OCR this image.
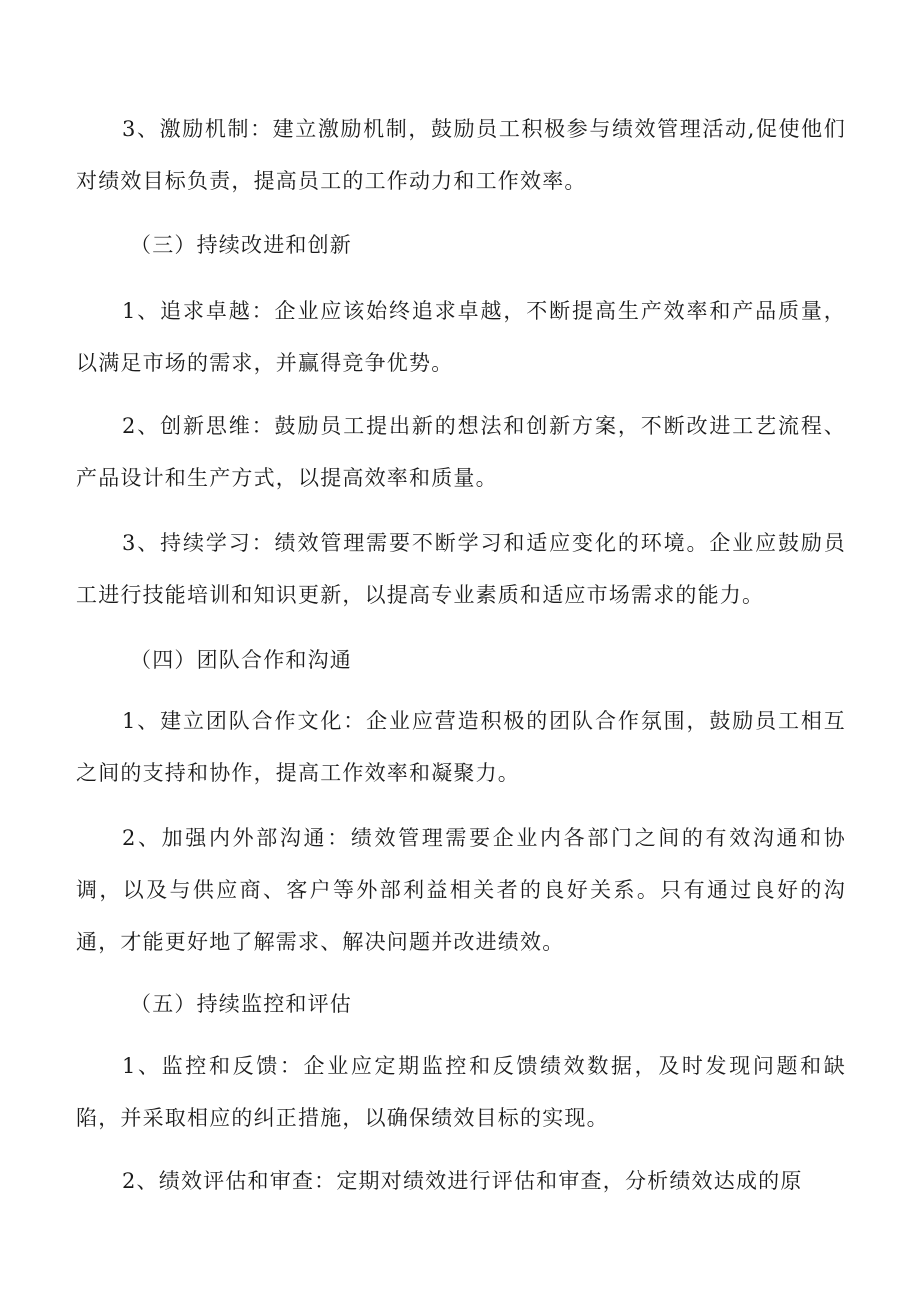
3、激励机制：建立激励机制，鼓励员工积极参与绩效管理活动,促使他们对绩效目标负责，提高员工的工作动力和工作效率。

（三）持续改进和创新

1、追求卓越：企业应该始终追求卓越，不断提高生产效率和产品质量，以满足市场的需求，并赢得竞争优势。

2、创新思维：鼓励员工提出新的想法和创新方案，不断改进工艺流程、产品设计和生产方式，以提高效率和质量。

3、持续学习：绩效管理需要不断学习和适应变化的环境。企业应鼓励员工进行技能培训和知识更新，以提高专业素质和适应市场需求的能力。

（四）团队合作和沟通

1、建立团队合作文化：企业应营造积极的团队合作氛围，鼓励员工相互之间的支持和协作，提高工作效率和凝聚力。

2、加强内外部沟通：绩效管理需要企业内各部门之间的有效沟通和协调，以及与供应商、客户等外部利益相关者的良好关系。只有通过良好的沟通，才能更好地了解需求、解决问题并改进绩效。

（五）持续监控和评估

1、监控和反馈：企业应定期监控和反馈绩效数据，及时发现问题和缺陷，并采取相应的纠正措施，以确保绩效目标的实现。

2、绩效评估和审查：定期对绩效进行评估和审查，分析绩效达成的原
